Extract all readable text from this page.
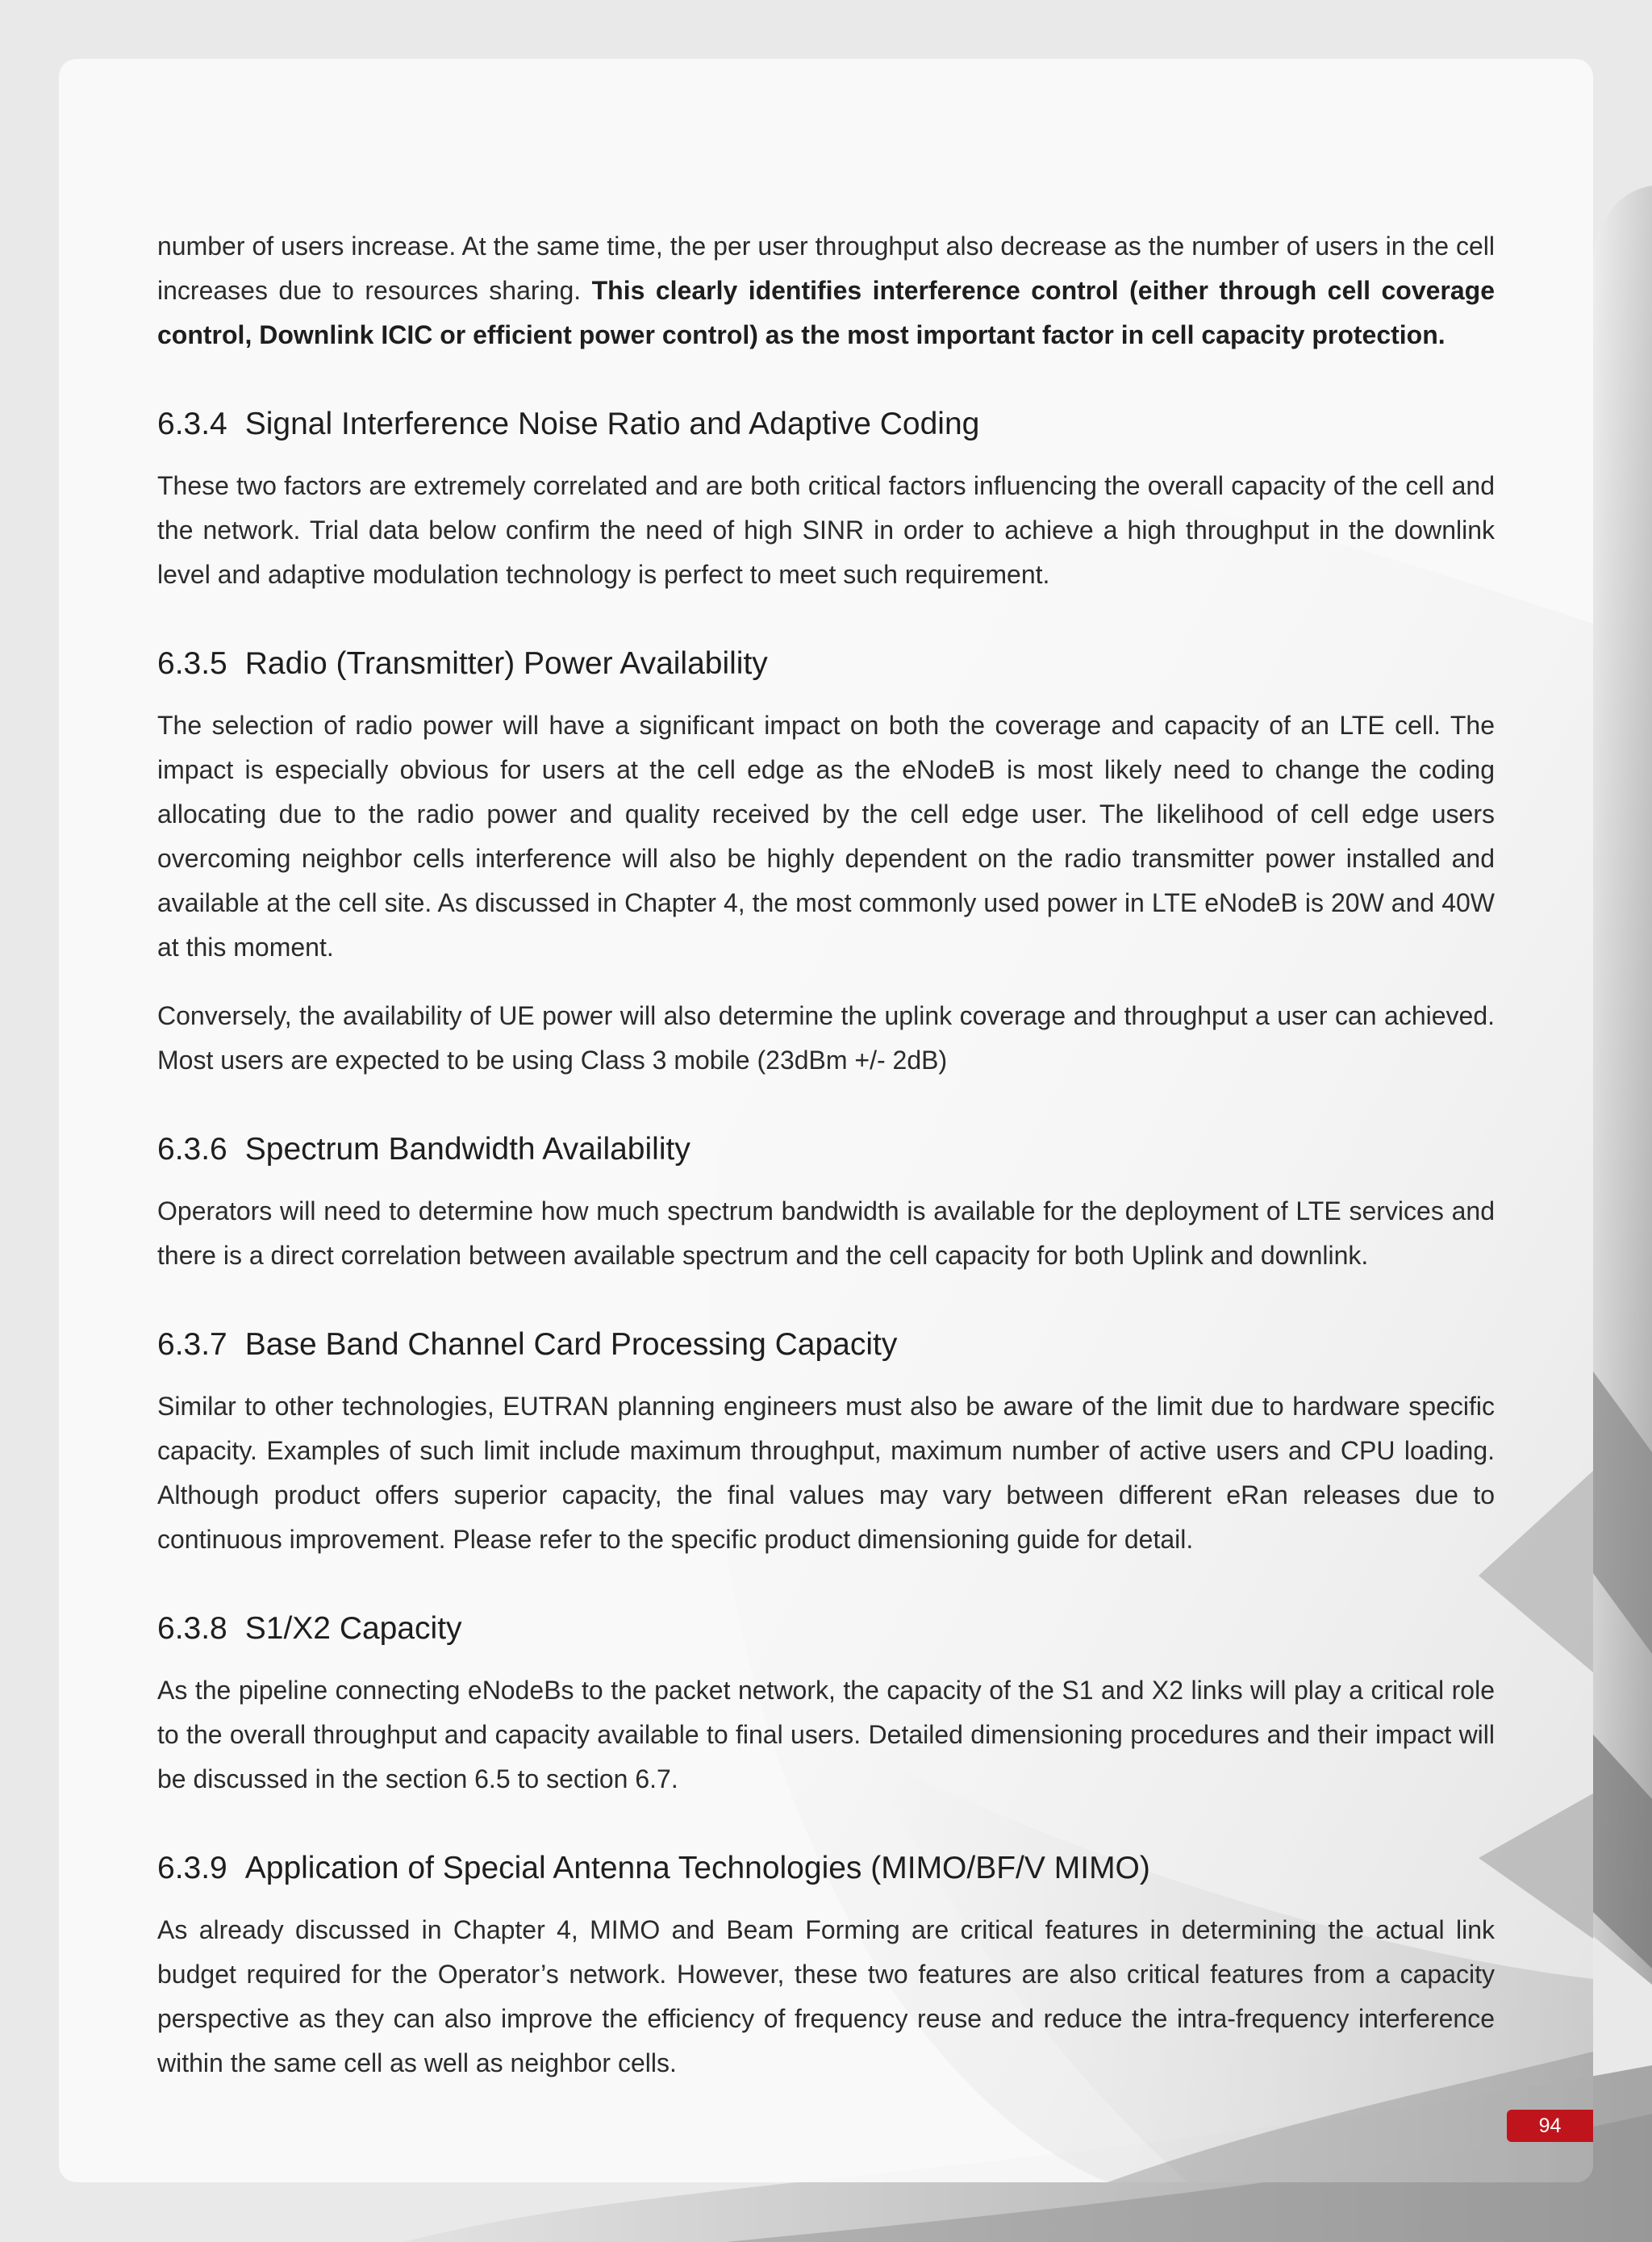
number of users increase. At the same time, the per user throughput also decrease as the number of users in the cell increases due to resources sharing. This clearly identifies interference control (either through cell coverage control, Downlink ICIC or efficient power control) as the most important factor in cell capacity protection.

6.3.4 Signal Interference Noise Ratio and Adaptive Coding

These two factors are extremely correlated and are both critical factors influencing the overall capacity of the cell and the network. Trial data below confirm the need of high SINR in order to achieve a high throughput in the downlink level and adaptive modulation technology is perfect to meet such requirement.

6.3.5 Radio (Transmitter) Power Availability

The selection of radio power will have a significant impact on both the coverage and capacity of an LTE cell. The impact is especially obvious for users at the cell edge as the eNodeB is most likely need to change the coding allocating due to the radio power and quality received by the cell edge user. The likelihood of cell edge users overcoming neighbor cells interference will also be highly dependent on the radio transmitter power installed and available at the cell site. As discussed in Chapter 4, the most commonly used power in LTE eNodeB is 20W and 40W at this moment.

Conversely, the availability of UE power will also determine the uplink coverage and throughput a user can achieved. Most users are expected to be using Class 3 mobile (23dBm +/- 2dB)

6.3.6 Spectrum Bandwidth Availability

Operators will need to determine how much spectrum bandwidth is available for the deployment of LTE services and there is a direct correlation between available spectrum and the cell capacity for both Uplink and downlink.

6.3.7 Base Band Channel Card Processing Capacity

Similar to other technologies, EUTRAN planning engineers must also be aware of the limit due to hardware specific capacity. Examples of such limit include maximum throughput, maximum number of active users and CPU loading. Although product offers superior capacity, the final values may vary between different eRan releases due to continuous improvement. Please refer to the specific product dimensioning guide for detail.

6.3.8 S1/X2 Capacity

As the pipeline connecting eNodeBs to the packet network, the capacity of the S1 and X2 links will play a critical role to the overall throughput and capacity available to final users. Detailed dimensioning procedures and their impact will be discussed in the section 6.5 to section 6.7.

6.3.9 Application of Special Antenna Technologies (MIMO/BF/V MIMO)

As already discussed in Chapter 4, MIMO and Beam Forming are critical features in determining the actual link budget required for the Operator’s network. However, these two features are also critical features from a capacity perspective as they can also improve the efficiency of frequency reuse and reduce the intra-frequency interference within the same cell as well as neighbor cells.

94
